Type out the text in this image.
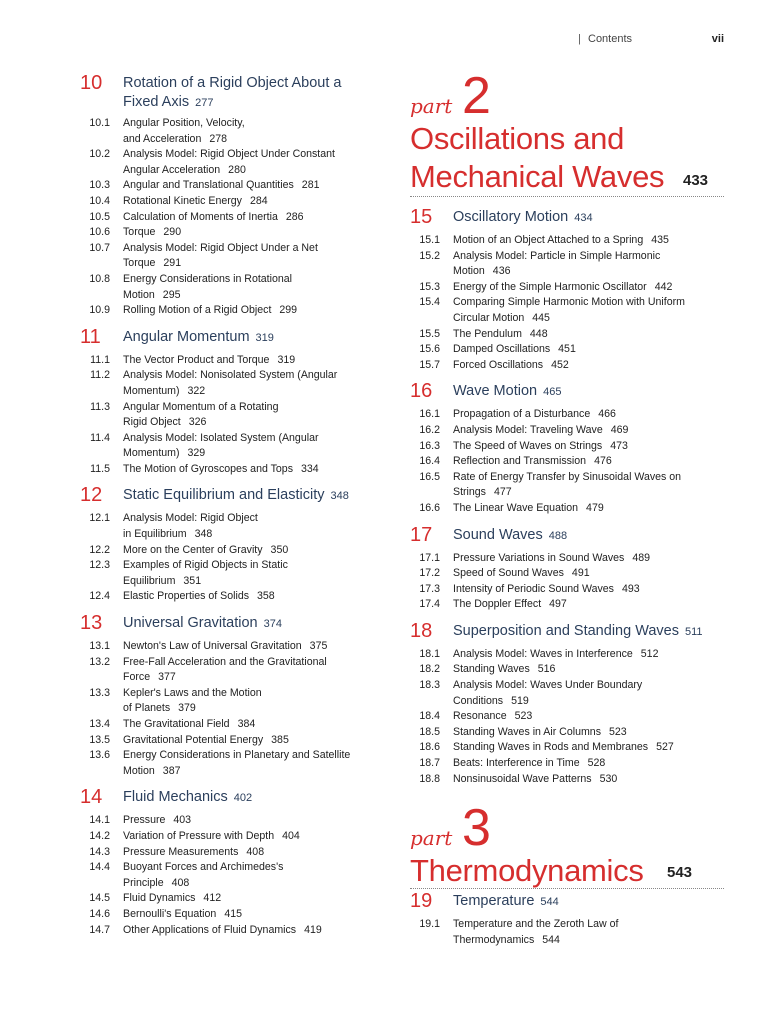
| Contents	vii
10 Rotation of a Rigid Object About a
Fixed Axis 277
10.1 Angular Position, Velocity,
and Acceleration 278
10.2 Analysis Model: Rigid Object Under Constant
Angular Acceleration 280
10.3 Angular and Translational Quantities 281
10.4 Rotational Kinetic Energy 284
10.5 Calculation of Moments of Inertia 286
10.6 Torque 290
10.7 Analysis Model: Rigid Object Under a Net
Torque 291
10.8 Energy Considerations in Rotational
Motion 295
10.9 Rolling Motion of a Rigid Object 299
11 Angular Momentum 319
11.1 The Vector Product and Torque 319
11.2 Analysis Model: Nonisolated System (Angular
Momentum) 322
11.3 Angular Momentum of a Rotating
Rigid Object 326
11.4 Analysis Model: Isolated System (Angular
Momentum) 329
11.5 The Motion of Gyroscopes and Tops 334
12 Static Equilibrium and Elasticity 348
12.1 Analysis Model: Rigid Object
in Equilibrium 348
12.2 More on the Center of Gravity 350
12.3 Examples of Rigid Objects in Static
Equilibrium 351
12.4 Elastic Properties of Solids 358
13 Universal Gravitation 374
13.1 Newton's Law of Universal Gravitation 375
13.2 Free-Fall Acceleration and the Gravitational
Force 377
13.3 Kepler's Laws and the Motion
of Planets 379
13.4 The Gravitational Field 384
13.5 Gravitational Potential Energy 385
13.6 Energy Considerations in Planetary and Satellite
Motion 387
14 Fluid Mechanics 402
14.1 Pressure 403
14.2 Variation of Pressure with Depth 404
14.3 Pressure Measurements 408
14.4 Buoyant Forces and Archimedes's
Principle 408
14.5 Fluid Dynamics 412
14.6 Bernoulli's Equation 415
14.7 Other Applications of Fluid Dynamics 419
part 2
Oscillations and
Mechanical Waves 433
15 Oscillatory Motion 434
15.1 Motion of an Object Attached to a Spring 435
15.2 Analysis Model: Particle in Simple Harmonic
Motion 436
15.3 Energy of the Simple Harmonic Oscillator 442
15.4 Comparing Simple Harmonic Motion with Uniform
Circular Motion 445
15.5 The Pendulum 448
15.6 Damped Oscillations 451
15.7 Forced Oscillations 452
16 Wave Motion 465
16.1 Propagation of a Disturbance 466
16.2 Analysis Model: Traveling Wave 469
16.3 The Speed of Waves on Strings 473
16.4 Reflection and Transmission 476
16.5 Rate of Energy Transfer by Sinusoidal Waves on
Strings 477
16.6 The Linear Wave Equation 479
17 Sound Waves 488
17.1 Pressure Variations in Sound Waves 489
17.2 Speed of Sound Waves 491
17.3 Intensity of Periodic Sound Waves 493
17.4 The Doppler Effect 497
18 Superposition and Standing Waves 511
18.1 Analysis Model: Waves in Interference 512
18.2 Standing Waves 516
18.3 Analysis Model: Waves Under Boundary
Conditions 519
18.4 Resonance 523
18.5 Standing Waves in Air Columns 523
18.6 Standing Waves in Rods and Membranes 527
18.7 Beats: Interference in Time 528
18.8 Nonsinusoidal Wave Patterns 530
part 3
Thermodynamics 543
19 Temperature 544
19.1 Temperature and the Zeroth Law of
Thermodynamics 544
